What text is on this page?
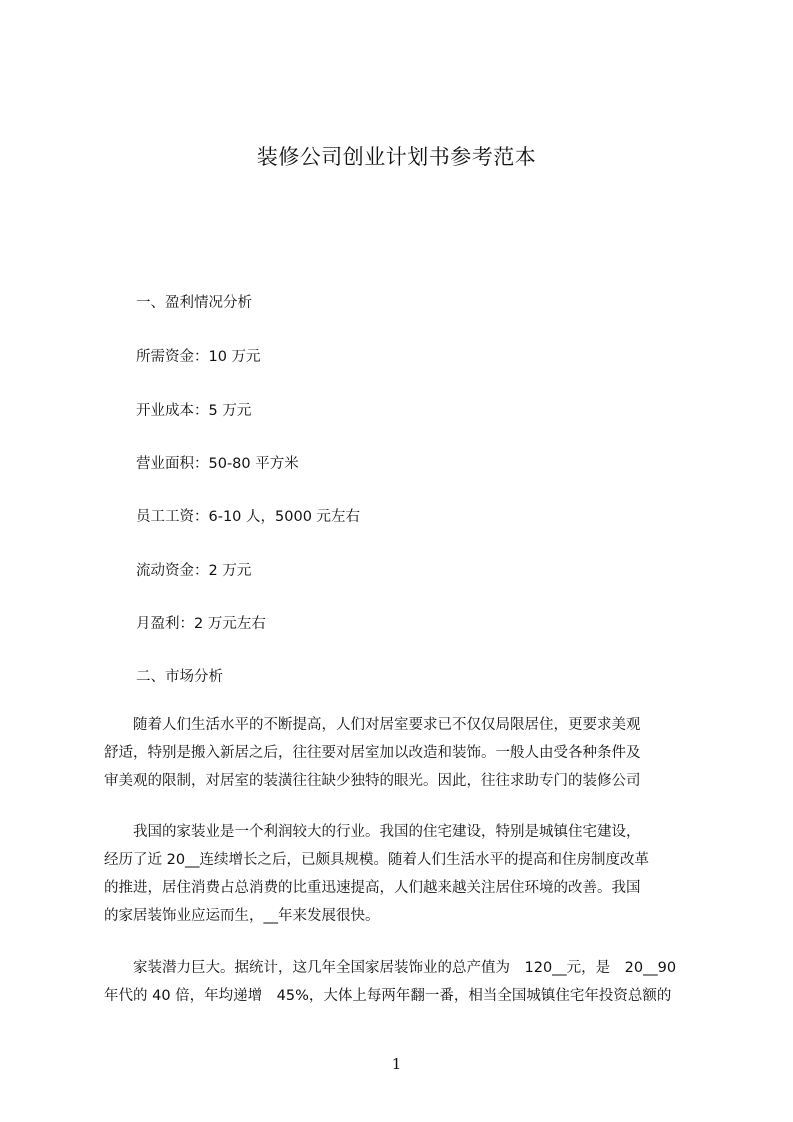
装修公司创业计划书参考范本
一、盈利情况分析
所需资金：10 万元
开业成本：5 万元
营业面积：50-80 平方米
员工工资：6-10 人，5000 元左右
流动资金：2 万元
月盈利：2 万元左右
二、市场分析
　　随着人们生活水平的不断提高，人们对居室要求已不仅仅局限居住，更要求美观
舒适，特别是搬入新居之后，往往要对居室加以改造和装饰。一般人由受各种条件及
审美观的限制，对居室的装潢往往缺少独特的眼光。因此，往往求助专门的装修公司
　　我国的家装业是一个利润较大的行业。我国的住宅建设，特别是城镇住宅建设，
经历了近 20__连续增长之后，已颇具规模。随着人们生活水平的提高和住房制度改革
的推进，居住消费占总消费的比重迅速提高，人们越来越关注居住环境的改善。我国
的家居装饰业应运而生，__年来发展很快。
　　家装潜力巨大。据统计，这几年全国家居装饰业的总产值为　120__元，是　20__90
年代的 40 倍，年均递增　45%，大体上每两年翻一番，相当全国城镇住宅年投资总额的
1
